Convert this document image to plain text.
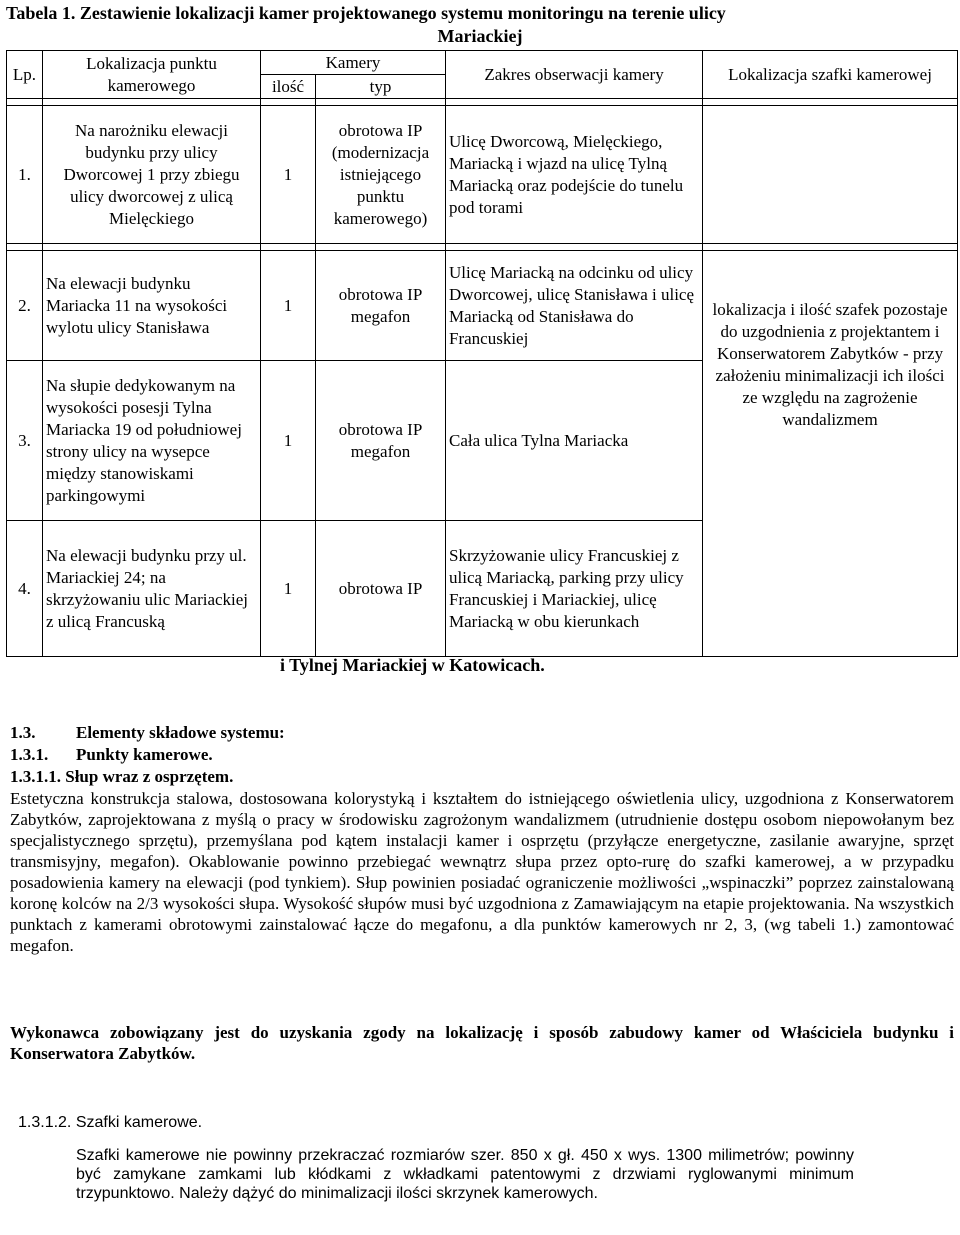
Tabela 1. Zestawienie lokalizacji kamer projektowanego systemu monitoringu na terenie ulicy
Mariackiej
Lp.	Lokalizacja punktu kamerowego	Kamery		Zakres obserwacji kamery	Lokalizacja szafki kamerowej
		ilość	typ		

1.	Na narożniku elewacji budynku przy ulicy Dworcowej 1 przy zbiegu ulicy dworcowej z ulicą Mielęckiego	1	obrotowa IP (modernizacja istniejącego punktu kamerowego)	Ulicę Dworcową, Mielęckiego, Mariacką i wjazd na ulicę Tylną Mariacką oraz podejście do tunelu pod torami	

2.	Na elewacji budynku Mariacka 11 na wysokości wylotu ulicy Stanisława	1	obrotowa IP megafon	Ulicę Mariacką na odcinku od ulicy Dworcowej, ulicę Stanisława i ulicę Mariacką od Stanisława do Francuskiej	lokalizacja i ilość szafek pozostaje do uzgodnienia z projektantem i Konserwatorem Zabytków - przy założeniu minimalizacji ich ilości ze względu na zagrożenie wandalizmem
3.	Na słupie dedykowanym na wysokości posesji Tylna Mariacka 19 od południowej strony ulicy na wysepce między stanowiskami parkingowymi	1	obrotowa IP megafon	Cała ulica Tylna Mariacka	
4.	Na elewacji budynku przy ul. Mariackiej 24; na skrzyżowaniu ulic Mariackiej z ulicą Francuską	1	obrotowa IP	Skrzyżowanie ulicy Francuskiej z ulicą Mariacką, parking przy ulicy Francuskiej i Mariackiej, ulicę Mariacką w obu kierunkach	
i Tylnej Mariackiej w Katowicach.
1.3. Elementy składowe systemu:
1.3.1. Punkty kamerowe.
1.3.1.1. Słup wraz z osprzętem.
Estetyczna konstrukcja stalowa, dostosowana kolorystyką i kształtem do istniejącego oświetlenia ulicy, uzgodniona z Konserwatorem Zabytków, zaprojektowana z myślą o pracy w środowisku zagrożonym wandalizmem (utrudnienie dostępu osobom niepowołanym bez specjalistycznego sprzętu), przemyślana pod kątem instalacji kamer i osprzętu (przyłącze energetyczne, zasilanie awaryjne, sprzęt transmisyjny, megafon). Okablowanie powinno przebiegać wewnątrz słupa przez opto-rurę do szafki kamerowej, a w przypadku posadowienia kamery na elewacji (pod tynkiem). Słup powinien posiadać ograniczenie możliwości „wspinaczki” poprzez zainstalowaną koronę kolców na 2/3 wysokości słupa. Wysokość słupów musi być uzgodniona z Zamawiającym na etapie projektowania. Na wszystkich punktach z kamerami obrotowymi zainstalować łącze do megafonu, a dla punktów kamerowych nr 2, 3, (wg tabeli 1.) zamontować megafon.
Wykonawca zobowiązany jest do uzyskania zgody na lokalizację i sposób zabudowy kamer od Właściciela budynku i Konserwatora Zabytków.
1.3.1.2. Szafki kamerowe.
Szafki kamerowe nie powinny przekraczać rozmiarów szer. 850 x gł. 450 x wys. 1300 milimetrów; powinny być zamykane zamkami lub kłódkami z wkładkami patentowymi z drzwiami ryglowanymi minimum trzypunktowo. Należy dążyć do minimalizacji ilości skrzynek kamerowych.
